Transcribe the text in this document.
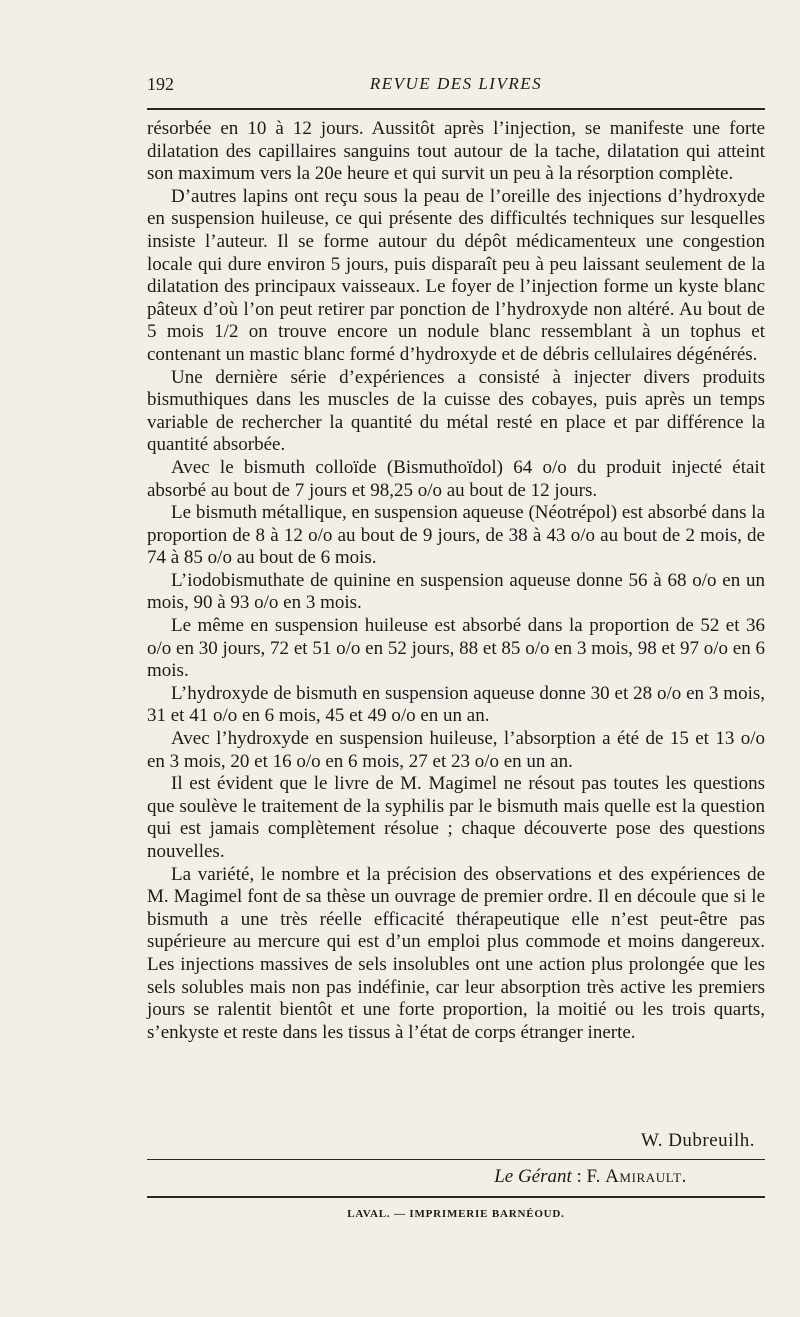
192	REVUE DES LIVRES

résorbée en 10 à 12 jours. Aussitôt après l’injection, se manifeste une forte dilatation des capillaires sanguins tout autour de la tache, dilatation qui atteint son maximum vers la 20e heure et qui survit un peu à la résorption complète.

D’autres lapins ont reçu sous la peau de l’oreille des injections d’hydroxyde en suspension huileuse, ce qui présente des difficultés techniques sur lesquelles insiste l’auteur. Il se forme autour du dépôt médicamenteux une congestion locale qui dure environ 5 jours, puis disparaît peu à peu laissant seulement de la dilatation des principaux vaisseaux. Le foyer de l’injection forme un kyste blanc pâteux d’où l’on peut retirer par ponction de l’hydroxyde non altéré. Au bout de 5 mois 1/2 on trouve encore un nodule blanc ressemblant à un tophus et contenant un mastic blanc formé d’hydroxyde et de débris cellulaires dégénérés.

Une dernière série d’expériences a consisté à injecter divers produits bismuthiques dans les muscles de la cuisse des cobayes, puis après un temps variable de rechercher la quantité du métal resté en place et par différence la quantité absorbée.

Avec le bismuth colloïde (Bismuthoïdol) 64 o/o du produit injecté était absorbé au bout de 7 jours et 98,25 o/o au bout de 12 jours.

Le bismuth métallique, en suspension aqueuse (Néotrépol) est absorbé dans la proportion de 8 à 12 o/o au bout de 9 jours, de 38 à 43 o/o au bout de 2 mois, de 74 à 85 o/o au bout de 6 mois.

L’iodobismuthate de quinine en suspension aqueuse donne 56 à 68 o/o en un mois, 90 à 93 o/o en 3 mois.

Le même en suspension huileuse est absorbé dans la proportion de 52 et 36 o/o en 30 jours, 72 et 51 o/o en 52 jours, 88 et 85 o/o en 3 mois, 98 et 97 o/o en 6 mois.

L’hydroxyde de bismuth en suspension aqueuse donne 30 et 28 o/o en 3 mois, 31 et 41 o/o en 6 mois, 45 et 49 o/o en un an.

Avec l’hydroxyde en suspension huileuse, l’absorption a été de 15 et 13 o/o en 3 mois, 20 et 16 o/o en 6 mois, 27 et 23 o/o en un an.

Il est évident que le livre de M. Magimel ne résout pas toutes les questions que soulève le traitement de la syphilis par le bismuth mais quelle est la question qui est jamais complètement résolue ; chaque découverte pose des questions nouvelles.

La variété, le nombre et la précision des observations et des expériences de M. Magimel font de sa thèse un ouvrage de premier ordre. Il en découle que si le bismuth a une très réelle efficacité thérapeutique elle n’est peut-être pas supérieure au mercure qui est d’un emploi plus commode et moins dangereux. Les injections massives de sels insolubles ont une action plus prolongée que les sels solubles mais non pas indéfinie, car leur absorption très active les premiers jours se ralentit bientôt et une forte proportion, la moitié ou les trois quarts, s’enkyste et reste dans les tissus à l’état de corps étranger inerte.

W. Dubreuilh.
Le Gérant : F. Amirault.
LAVAL. — IMPRIMERIE BARNÉOUD.
